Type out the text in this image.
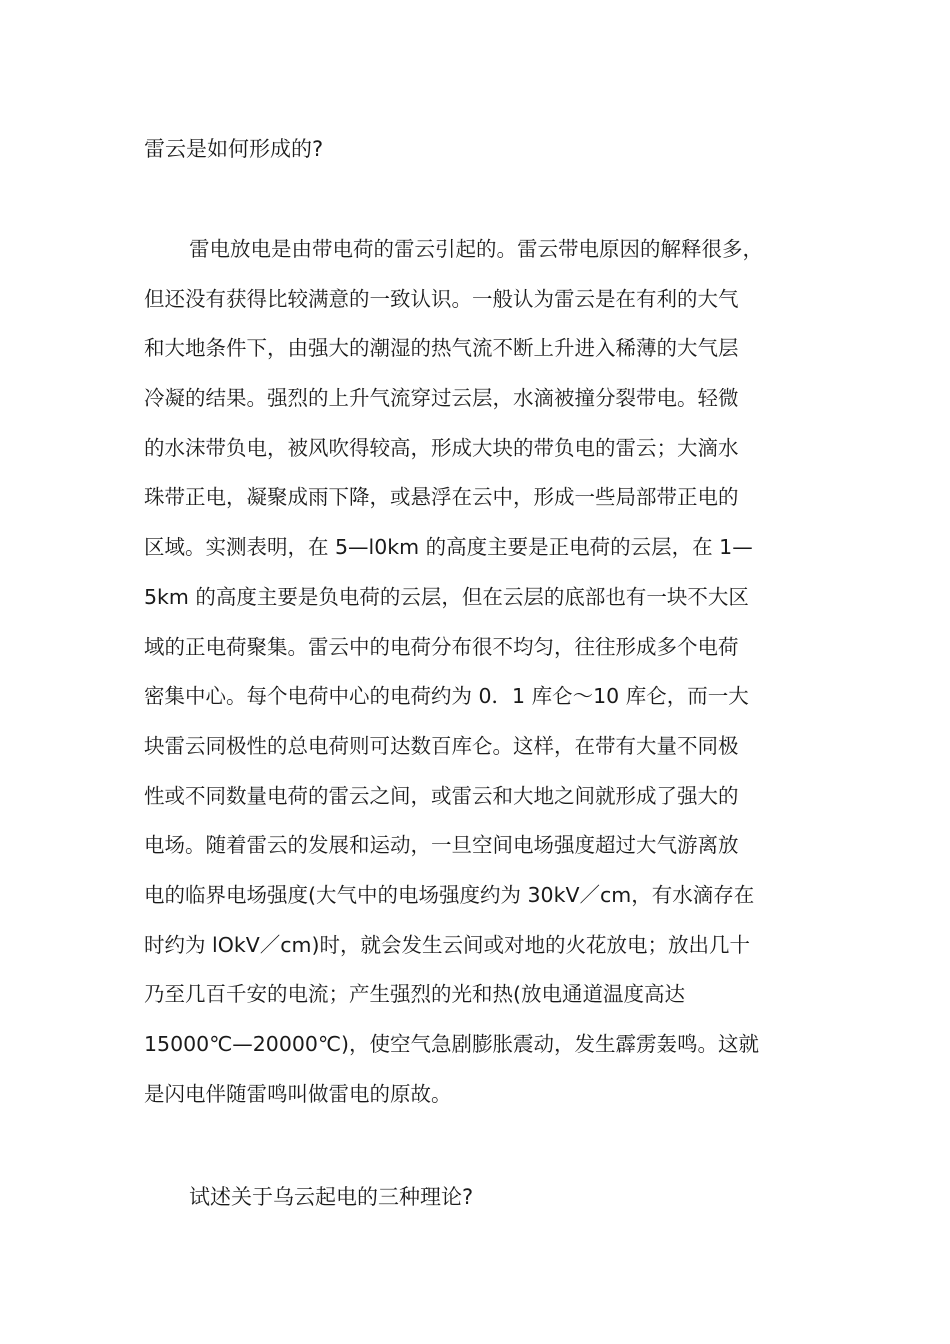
雷云是如何形成的?
雷电放电是由带电荷的雷云引起的。雷云带电原因的解释很多，
但还没有获得比较满意的一致认识。一般认为雷云是在有利的大气
和大地条件下，由强大的潮湿的热气流不断上升进入稀薄的大气层
冷凝的结果。强烈的上升气流穿过云层，水滴被撞分裂带电。轻微
的水沫带负电，被风吹得较高，形成大块的带负电的雷云；大滴水
珠带正电，凝聚成雨下降，或悬浮在云中，形成一些局部带正电的
区域。实测表明，在 5—l0km 的高度主要是正电荷的云层，在 1—
5km 的高度主要是负电荷的云层，但在云层的底部也有一块不大区
域的正电荷聚集。雷云中的电荷分布很不均匀，往往形成多个电荷
密集中心。每个电荷中心的电荷约为 0．1 库仑～10 库仑，而一大
块雷云同极性的总电荷则可达数百库仑。这样，在带有大量不同极
性或不同数量电荷的雷云之间，或雷云和大地之间就形成了强大的
电场。随着雷云的发展和运动，一旦空间电场强度超过大气游离放
电的临界电场强度(大气中的电场强度约为 30kV／cm，有水滴存在
时约为 lOkV／cm)时，就会发生云间或对地的火花放电；放出几十
乃至几百千安的电流；产生强烈的光和热(放电通道温度高达
15000℃—20000℃)，使空气急剧膨胀震动，发生霹雳轰鸣。这就
是闪电伴随雷鸣叫做雷电的原故。
试述关于乌云起电的三种理论?
